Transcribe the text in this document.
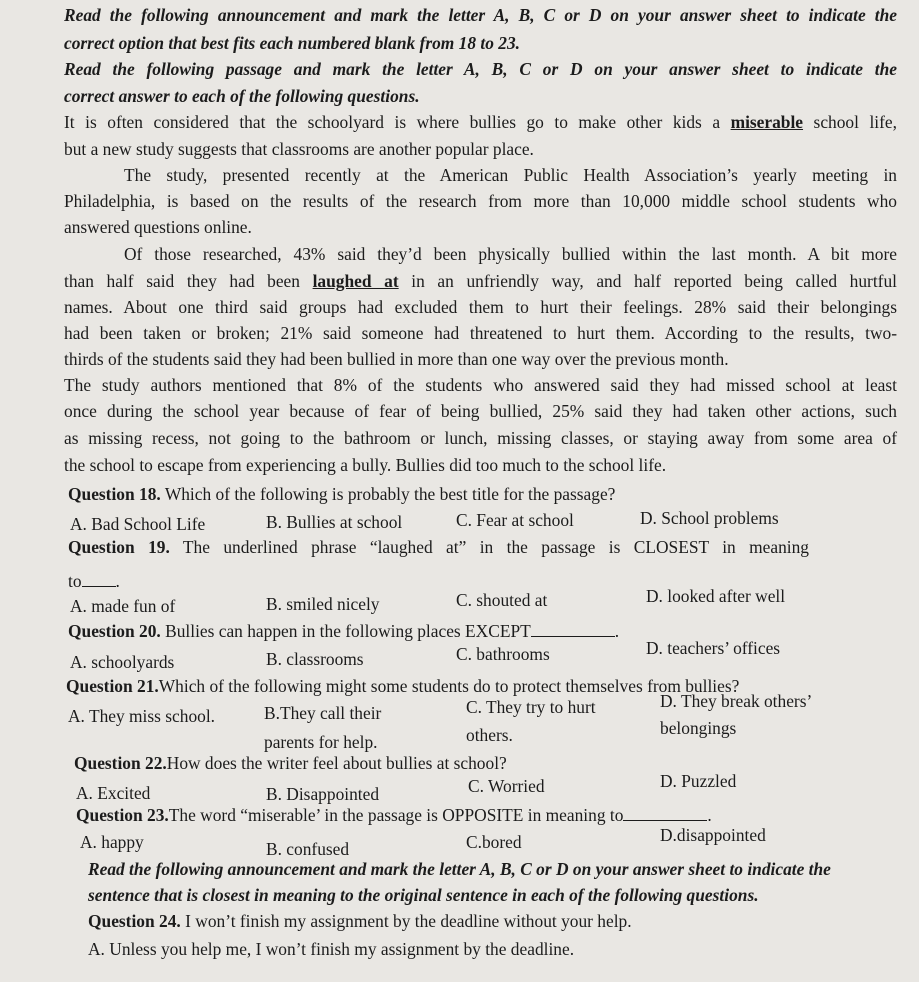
Read the following announcement and mark the letter A, B, C or D on your answer sheet to indicate the
correct option that best fits each numbered blank from 18 to 23.
Read the following passage and mark the letter A, B, C or D on your answer sheet to indicate the
correct answer to each of the following questions.
It is often considered that the schoolyard is where bullies go to make other kids a miserable school life,
but a new study suggests that classrooms are another popular place.
The study, presented recently at the American Public Health Association’s yearly meeting in
Philadelphia, is based on the results of the research from more than 10,000 middle school students who
answered questions online.
Of those researched, 43% said they’d been physically bullied within the last month. A bit more
than half said they had been laughed at in an unfriendly way, and half reported being called hurtful
names. About one third said groups had excluded them to hurt their feelings. 28% said their belongings
had been taken or broken; 21% said someone had threatened to hurt them. According to the results, two-
thirds of the students said they had been bullied in more than one way over the previous month.
The study authors mentioned that 8% of the students who answered said they had missed school at least
once during the school year because of fear of being bullied, 25% said they had taken other actions, such
as missing recess, not going to the bathroom or lunch, missing classes, or staying away from some area of
the school to escape from experiencing a bully. Bullies did too much to the school life.
Question 18. Which of the following is probably the best title for the passage?
A. Bad School Life	B. Bullies at school	C. Fear at school	D. School problems
Question 19. The underlined phrase “laughed at” in the passage is CLOSEST in meaning
to .
A. made fun of	B. smiled nicely	C. shouted at	D. looked after well
Question 20. Bullies can happen in the following places EXCEPT	.
A. schoolyards	B. classrooms	C. bathrooms	D. teachers’ offices
Question 21.Which of the following might some students do to protect themselves from bullies?
A. They miss school.	B.They call their
parents for help.
C. They try to hurt
others.
D. They break others’
belongings
Question 22.How does the writer feel about bullies at school?
A. Excited	B. Disappointed	C. Worried	D. Puzzled
Question 23.The word “miserable’ in the passage is OPPOSITE in meaning to	.
A. happy	B. confused	C.bored	D.disappointed
Read the following announcement and mark the letter A, B, C or D on your answer sheet to indicate the
sentence that is closest in meaning to the original sentence in each of the following questions.
Question 24. I won’t finish my assignment by the deadline without your help.
A. Unless you help me, I won’t finish my assignment by the deadline.
